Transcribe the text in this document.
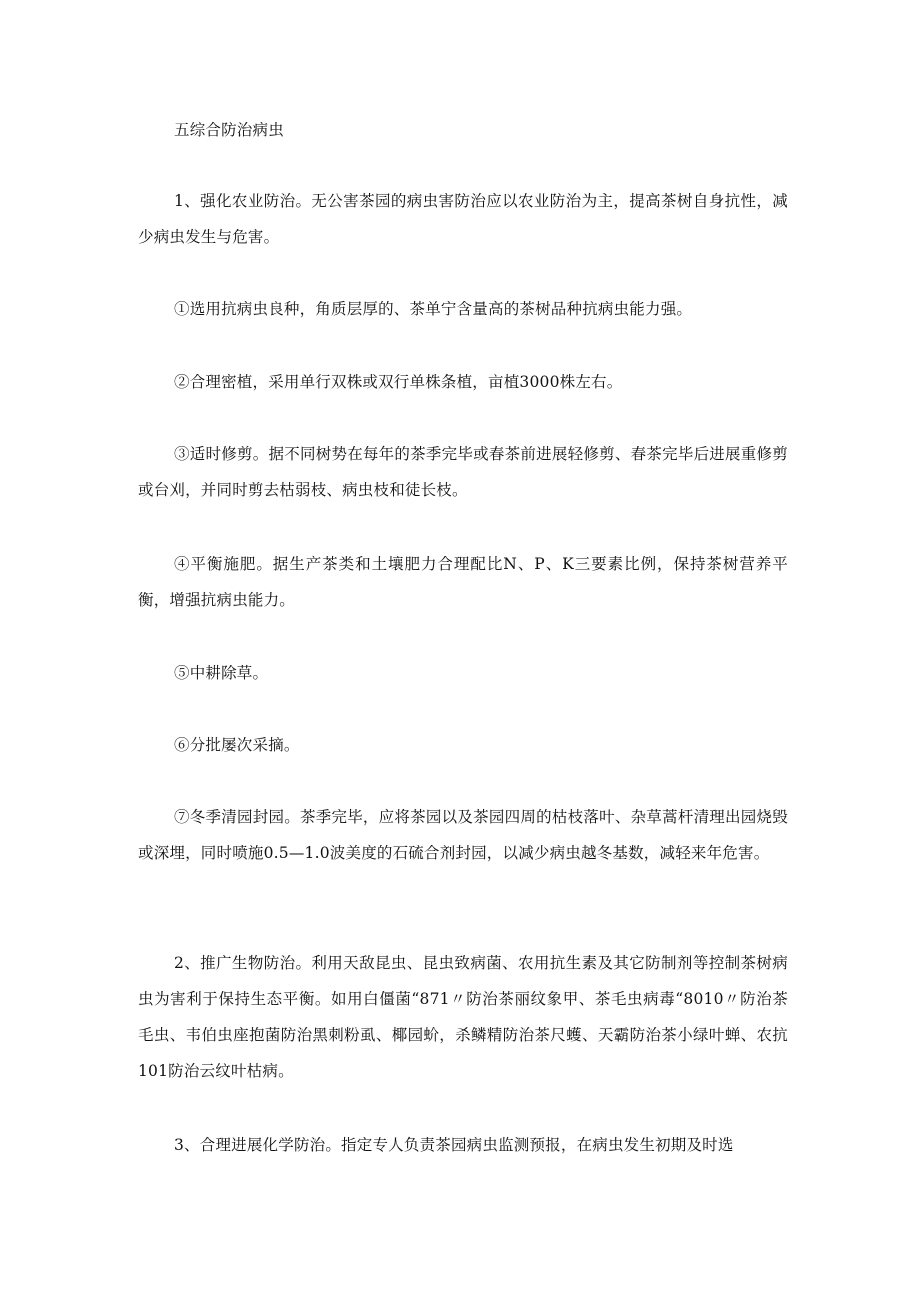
五综合防治病虫

1、强化农业防治。无公害茶园的病虫害防治应以农业防治为主，提高茶树自身抗性，减少病虫发生与危害。

①选用抗病虫良种，角质层厚的、茶单宁含量高的茶树品种抗病虫能力强。

②合理密植，采用单行双株或双行单株条植，亩植3000株左右。

③适时修剪。据不同树势在每年的茶季完毕或春茶前进展轻修剪、春茶完毕后进展重修剪或台刈，并同时剪去枯弱枝、病虫枝和徒长枝。

④平衡施肥。据生产茶类和土壤肥力合理配比N、P、K三要素比例，保持茶树营养平衡，增强抗病虫能力。

⑤中耕除草。

⑥分批屡次采摘。

⑦冬季清园封园。茶季完毕，应将茶园以及茶园四周的枯枝落叶、杂草蒿杆清理出园烧毁或深埋，同时喷施0.5—1.0波美度的石硫合剂封园，以减少病虫越冬基数，减轻来年危害。

2、推广生物防治。利用天敌昆虫、昆虫致病菌、农用抗生素及其它防制剂等控制茶树病虫为害利于保持生态平衡。如用白僵菌“871〃防治茶丽纹象甲、茶毛虫病毒“8010〃防治茶毛虫、韦伯虫座抱菌防治黑刺粉虱、椰园蚧，杀鳞精防治茶尺蠖、天霸防治茶小绿叶蝉、农抗101防治云纹叶枯病。

3、合理进展化学防治。指定专人负责茶园病虫监测预报，在病虫发生初期及时选
